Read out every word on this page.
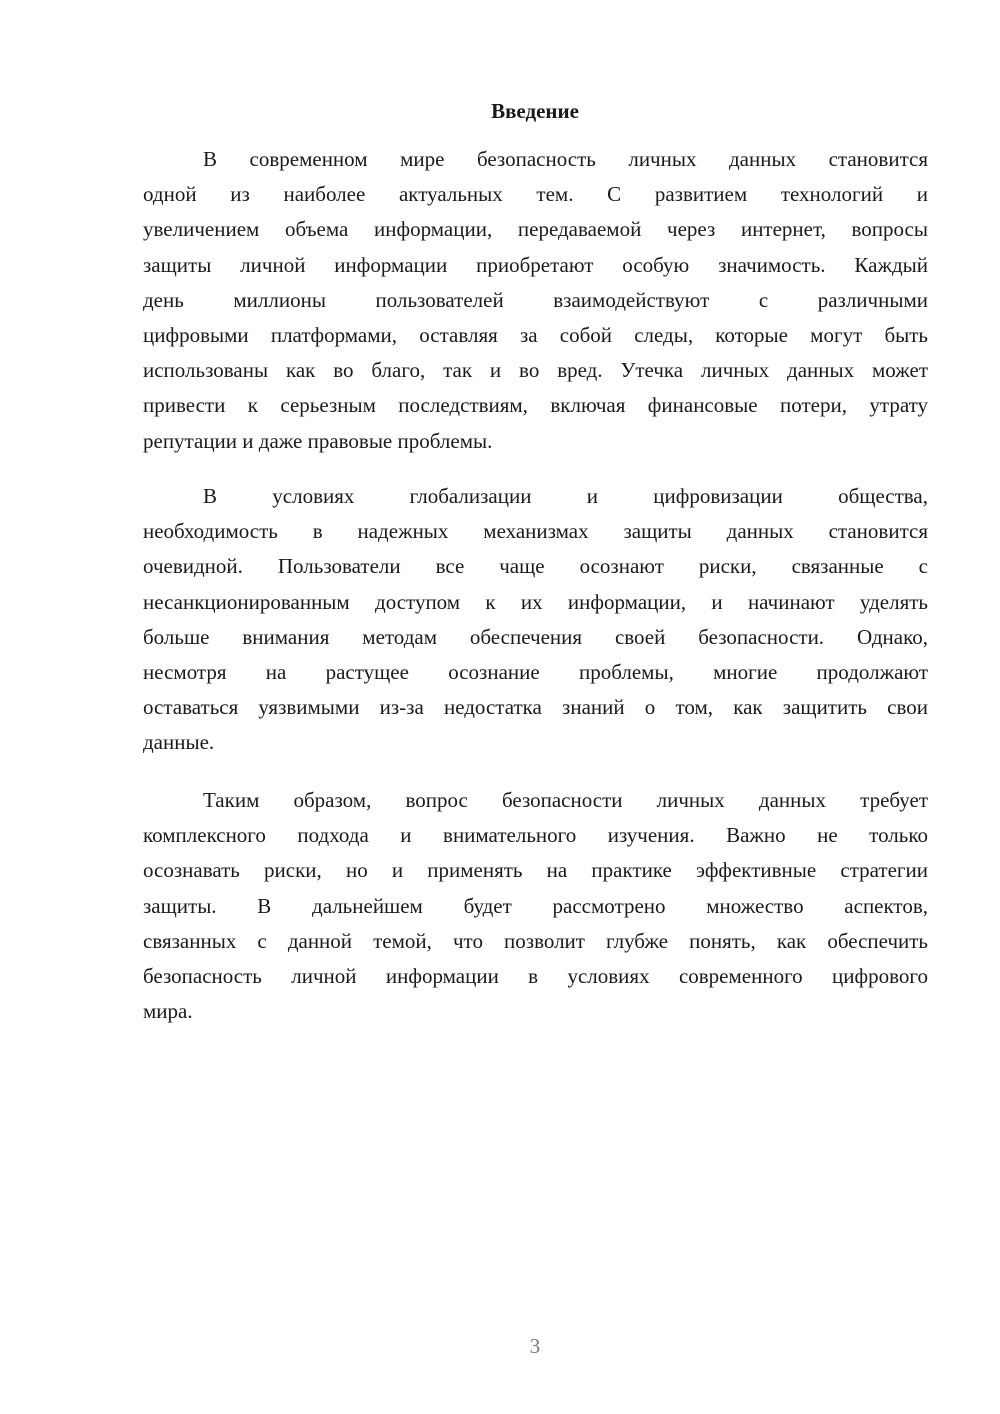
Введение
В современном мире безопасность личных данных становится
одной из наиболее актуальных тем. С развитием технологий и
увеличением объема информации, передаваемой через интернет, вопросы
защиты личной информации приобретают особую значимость. Каждый
день миллионы пользователей взаимодействуют с различными
цифровыми платформами, оставляя за собой следы, которые могут быть
использованы как во благо, так и во вред. Утечка личных данных может
привести к серьезным последствиям, включая финансовые потери, утрату
репутации и даже правовые проблемы.
В условиях глобализации и цифровизации общества,
необходимость в надежных механизмах защиты данных становится
очевидной. Пользователи все чаще осознают риски, связанные с
несанкционированным доступом к их информации, и начинают уделять
больше внимания методам обеспечения своей безопасности. Однако,
несмотря на растущее осознание проблемы, многие продолжают
оставаться уязвимыми из-за недостатка знаний о том, как защитить свои
данные.
Таким образом, вопрос безопасности личных данных требует
комплексного подхода и внимательного изучения. Важно не только
осознавать риски, но и применять на практике эффективные стратегии
защиты. В дальнейшем будет рассмотрено множество аспектов,
связанных с данной темой, что позволит глубже понять, как обеспечить
безопасность личной информации в условиях современного цифрового
мира.
3
